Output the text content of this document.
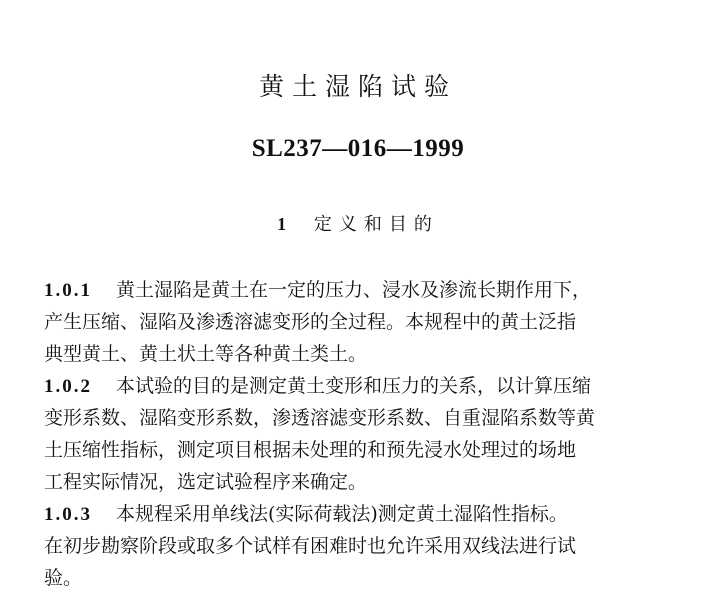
黄土湿陷试验
SL237—016—1999
1 定义和目的
1.0.1 黄土湿陷是黄土在一定的压力、浸水及渗流长期作用下，
产生压缩、湿陷及渗透溶滤变形的全过程。本规程中的黄土泛指
典型黄土、黄土状土等各种黄土类土。
1.0.2 本试验的目的是测定黄土变形和压力的关系，以计算压缩
变形系数、湿陷变形系数，渗透溶滤变形系数、自重湿陷系数等黄
土压缩性指标，测定项目根据未处理的和预先浸水处理过的场地
工程实际情况，选定试验程序来确定。
1.0.3 本规程采用单线法(实际荷载法)测定黄土湿陷性指标。
在初步勘察阶段或取多个试样有困难时也允许采用双线法进行试
验。
